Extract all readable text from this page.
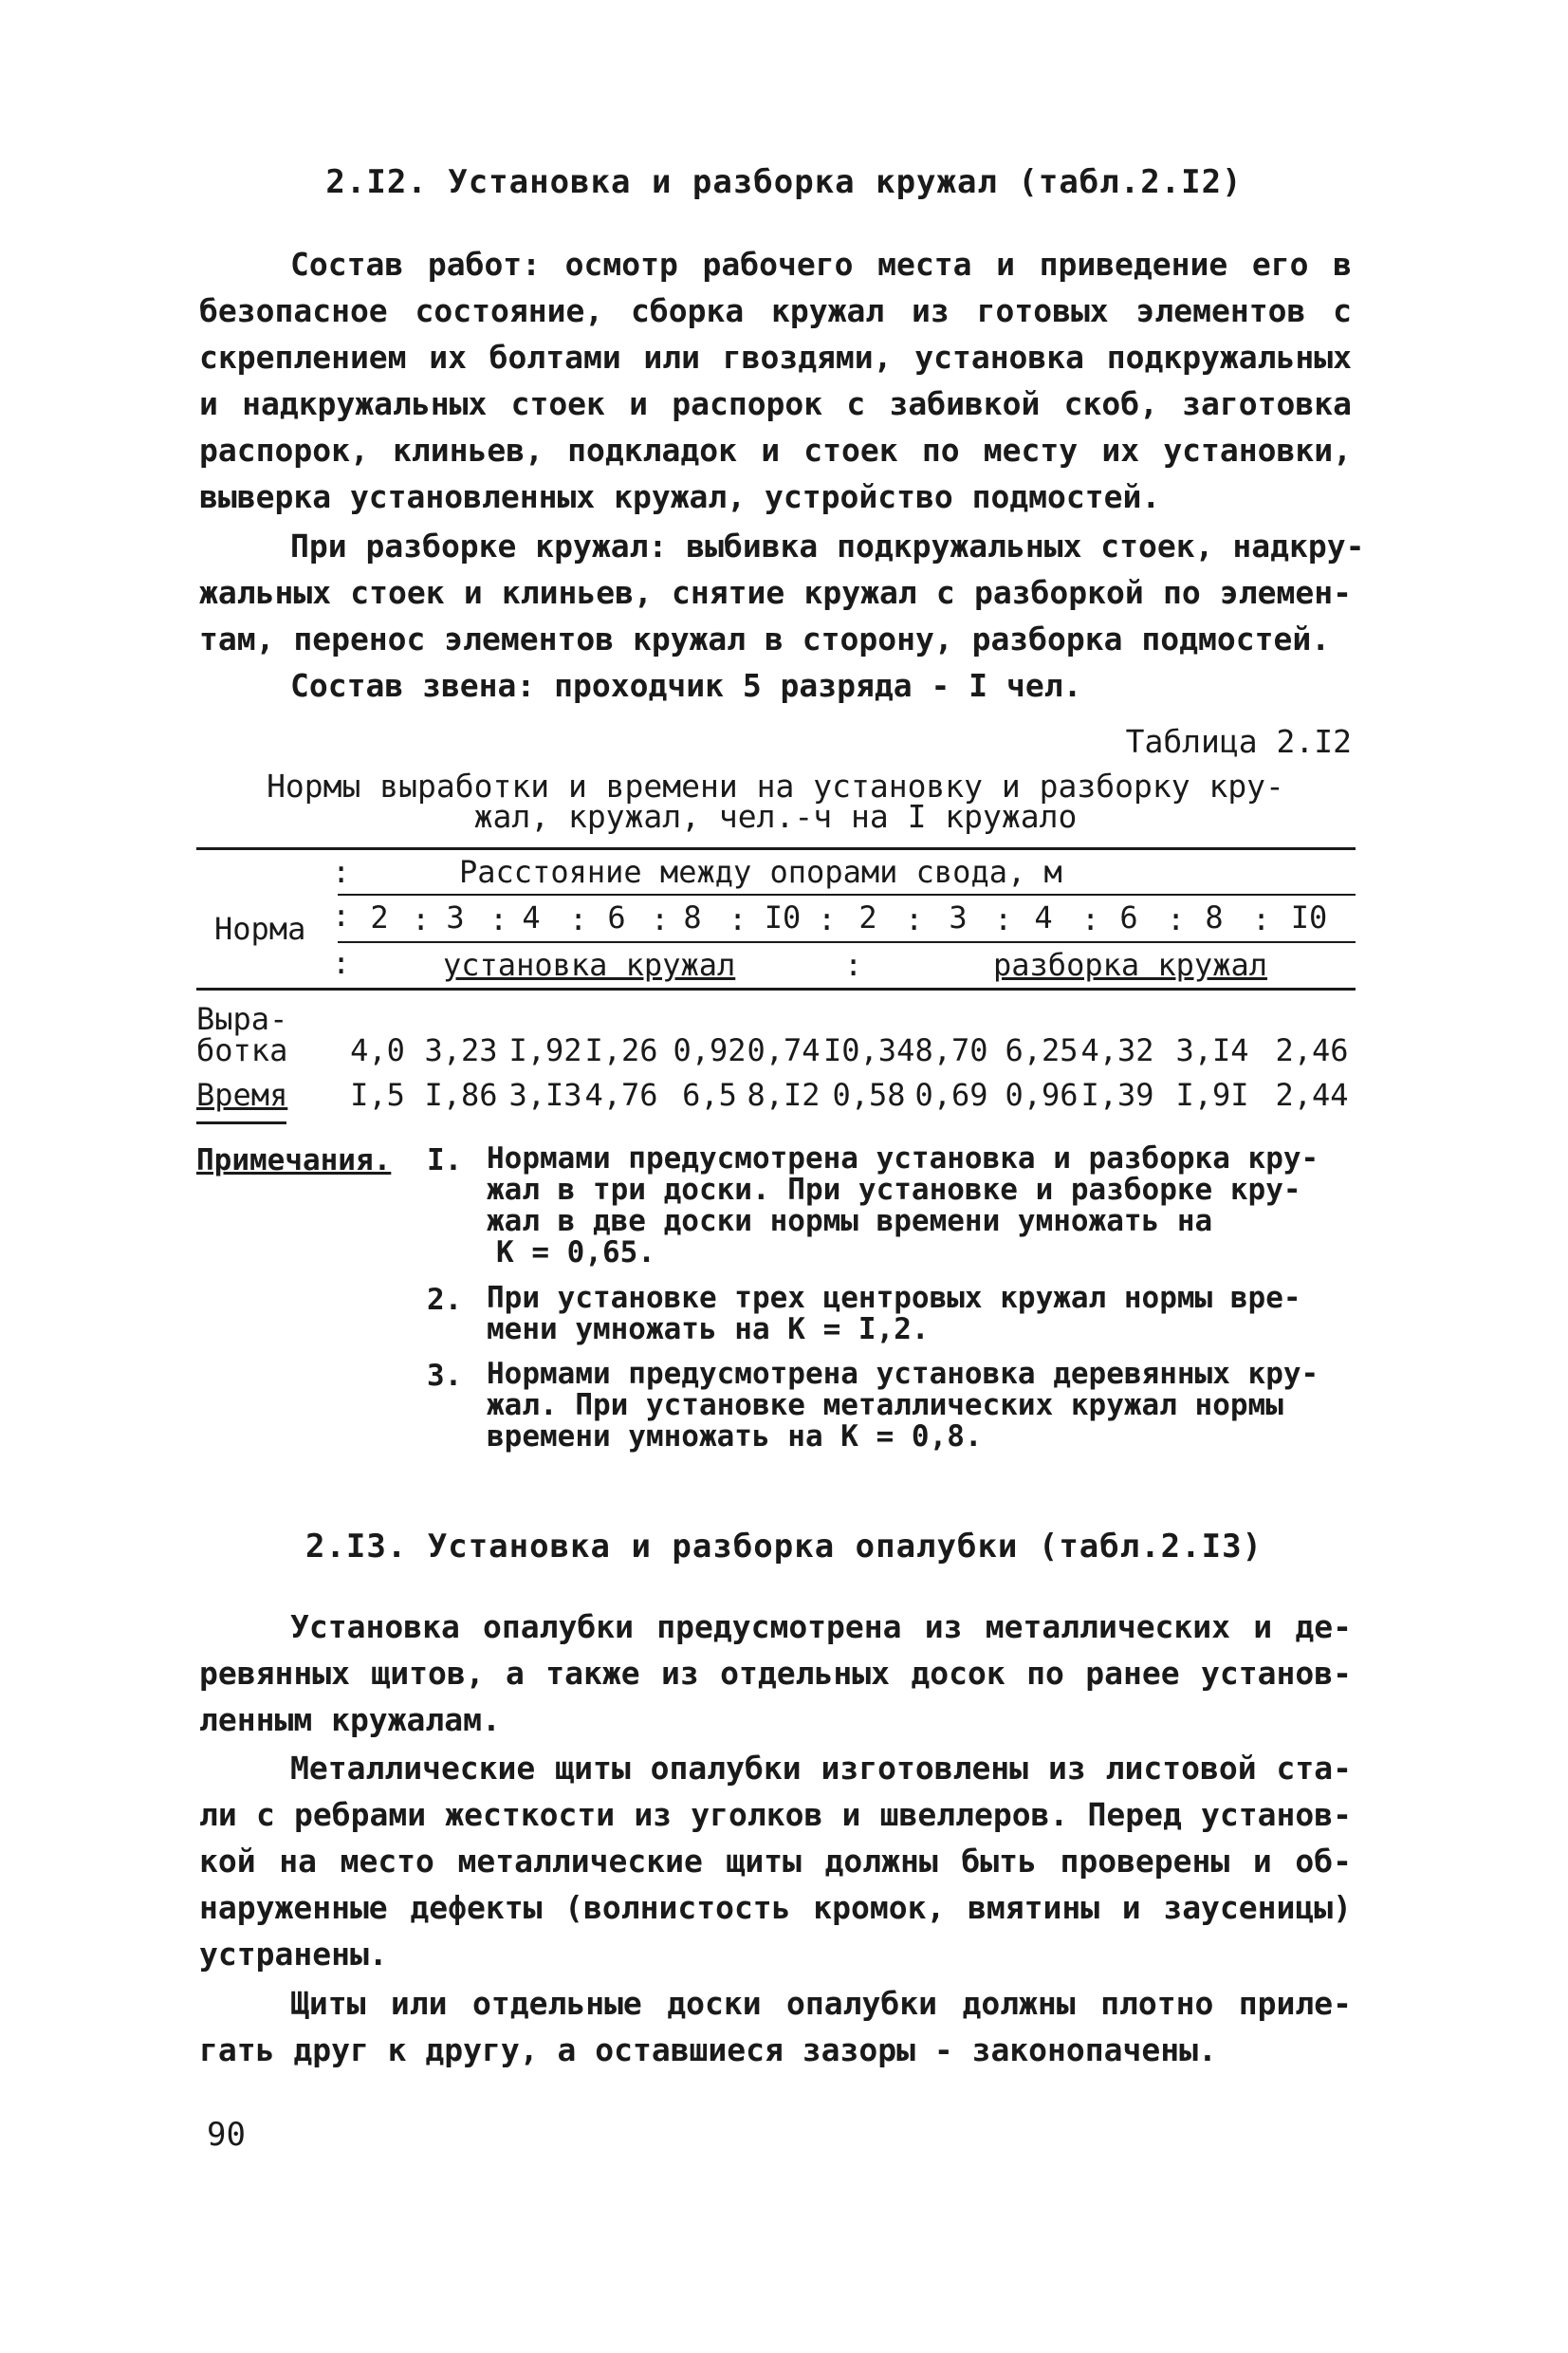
2.I2. Установка и разборка кружал (табл.2.I2)
Состав работ: осмотр рабочего места и приведение его в
безопасное состояние, сборка кружал из готовых элементов с
скреплением их болтами или гвоздями, установка подкружальных
и надкружальных стоек и распорок с забивкой скоб, заготовка
распорок, клиньев, подкладок и стоек по месту их установки,
выверка установленных кружал, устройство подмостей.
При разборке кружал: выбивка подкружальных стоек, надкру-
жальных стоек и клиньев, снятие кружал с разборкой по элемен-
там, перенос элементов кружал в сторону, разборка подмостей.
Состав звена: проходчик 5 разряда - I чел.
Таблица 2.I2
Нормы выработки и времени на установку и разборку кру-
жал, кружал, чел.-ч на I кружало
:
:
:
Расстояние между опорами свода, м
Норма	2	3	4	6	8	I0	2	3	4	6	8	I0
: : : : : : : : : : :
установка кружал	:	разборка кружал
Выра-
ботка	4,0 3,23 I,92 I,26 0,92 0,74 I0,34 8,70 6,25 4,32 3,I4 2,46
Время	I,5 I,86 3,I3 4,76 6,5 8,I2 0,58 0,69 0,96 I,39 I,9I 2,44
Примечания. I. Нормами предусмотрена установка и разборка кру-
жал в три доски. При установке и разборке кру-
жал в две доски нормы времени умножать на
К = 0,65.
2. При установке трех центровых кружал нормы вре-
мени умножать на К = I,2.
3. Нормами предусмотрена установка деревянных кру-
жал. При установке металлических кружал нормы
времени умножать на К = 0,8.
2.I3. Установка и разборка опалубки (табл.2.I3)
Установка опалубки предусмотрена из металлических и де-
ревянных щитов, а также из отдельных досок по ранее установ-
ленным кружалам.
Металлические щиты опалубки изготовлены из листовой ста-
ли с ребрами жесткости из уголков и швеллеров. Перед установ-
кой на место металлические щиты должны быть проверены и об-
наруженные дефекты (волнистость кромок, вмятины и заусеницы)
устранены.
Щиты или отдельные доски опалубки должны плотно приле-
гать друг к другу, а оставшиеся зазоры - законопачены.
90
